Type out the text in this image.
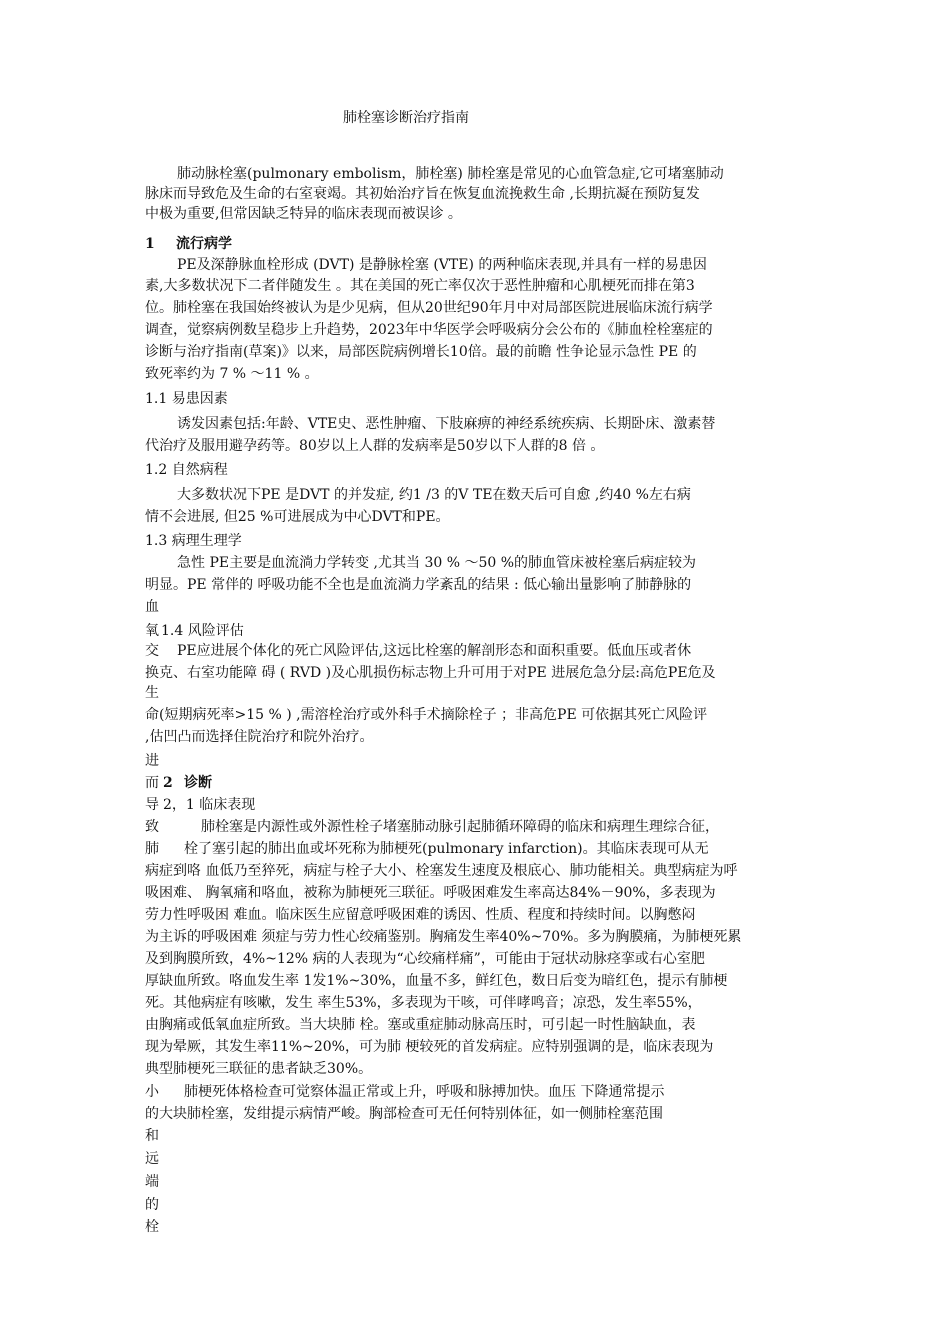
肺栓塞诊断治疗指南
肺动脉栓塞(pulmonary embolism，肺栓塞) 肺栓塞是常见的心血管急症,它可堵塞肺动
脉床而导致危及生命的右室衰竭。其初始治疗旨在恢复血流挽救生命 ,长期抗凝在预防复发
中极为重要,但常因缺乏特异的临床表现而被误诊 。
1 流行病学
PE及深静脉血栓形成 (DVT) 是静脉栓塞 (VTE) 的两种临床表现,并具有一样的易患因
素,大多数状况下二者伴随发生 。其在美国的死亡率仅次于恶性肿瘤和心肌梗死而排在第3
位。肺栓塞在我国始终被认为是少见病，但从20世纪90年月中对局部医院进展临床流行病学
调查，觉察病例数呈稳步上升趋势，2023年中华医学会呼吸病分会公布的《肺血栓栓塞症的
诊断与治疗指南(草案)》以来，局部医院病例增长10倍。最的前瞻 性争论显示急性 PE 的
致死率约为 7 % ～11 % 。
1.1 易患因素
诱发因素包括:年龄、VTE史、恶性肿瘤、下肢麻痹的神经系统疾病、长期卧床、激素替
代治疗及服用避孕药等。80岁以上人群的发病率是50岁以下人群的8 倍 。
1.2 自然病程
大多数状况下PE 是DVT 的并发症, 约1 /3 的V TE在数天后可自愈 ,约40 %左右病
情不会进展, 但25 %可进展成为中心DVT和PE。
1.3 病理生理学
急性 PE主要是血流淌力学转变 ,尤其当 30 % ～50 %的肺血管床被栓塞后病症较为
明显。PE 常伴的 呼吸功能不全也是血流淌力学紊乱的结果 : 低心输出量影响了肺静脉的
血
氧 1.4 风险评估
交 PE应进展个体化的死亡风险评估,这远比栓塞的解剖形态和面积重要。低血压或者休
换克、右室功能障 碍 ( RVD )及心肌损伤标志物上升可用于对PE 进展危急分层:高危PE危及
生
命(短期病死率>15 % ) ,需溶栓治疗或外科手术摘除栓子 ；非高危PE 可依据其死亡风险评
,估凹凸而选择住院治疗和院外治疗。
进
而 2 诊断
导 2，1 临床表现
致	肺栓塞是内源性或外源性栓子堵塞肺动脉引起肺循环障碍的临床和病理生理综合征，
肺 栓了塞引起的肺出血或坏死称为肺梗死(pulmonary infarction)。其临床表现可从无
病症到咯 血低乃至猝死，病症与栓子大小、栓塞发生速度及根底心、肺功能相关。典型病症为呼
吸困难、 胸氧痛和咯血，被称为肺梗死三联征。呼吸困难发生率高达84%－90%，多表现为
劳力性呼吸困 难血。临床医生应留意呼吸困难的诱因、性质、程度和持续时间。以胸憋闷
为主诉的呼吸困难 须症与劳力性心绞痛鉴别。胸痛发生率40%~70%。多为胸膜痛，为肺梗死累
及到胸膜所致，4%~12% 病的人表现为“心绞痛样痛”，可能由于冠状动脉痉挛或右心室肥
厚缺血所致。咯血发生率 1发1%~30%，血量不多，鲜红色，数日后变为暗红色，提示有肺梗
死。其他病症有咳嗽，发生 率生53%，多表现为干咳，可伴哮鸣音；凉恐，发生率55%，
由胸痛或低氧血症所致。当大块肺 栓。塞或重症肺动脉高压时，可引起一时性脑缺血，表
现为晕厥，其发生率11%~20%，可为肺 梗较死的首发病症。应特别强调的是，临床表现为
典型肺梗死三联征的患者缺乏30%。
小 肺梗死体格检查可觉察体温正常或上升，呼吸和脉搏加快。血压 下降通常提示
的大块肺栓塞，发绀提示病情严峻。胸部检查可无任何特别体征，如一侧肺栓塞范围
和
远
端
的
栓
